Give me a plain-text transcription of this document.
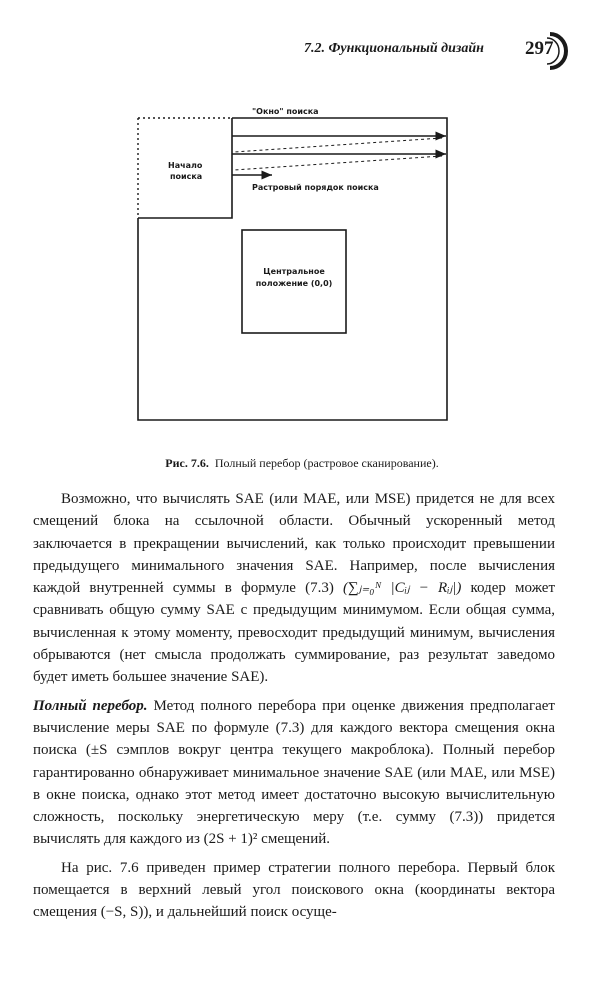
7.2. Функциональный дизайн 297
"Окно" поиска
Начало
поиска
Растровый порядок поиска
Центральное
положение (0,0)
Рис. 7.6. Полный перебор (растровое сканирование).

Возможно, что вычислять SAE (или MAE, или MSE) придется не для всех смещений блока на ссылочной области. Обычный ускоренный метод заключается в прекращении вычислений, как только происходит превышении предыдущего минимального значения SAE. Например, после вычисления каждой внутренней суммы в формуле (7.3) (∑ⱼ₌₀ᴺ |Cᵢⱼ − Rᵢⱼ|) кодер может сравнивать общую сумму SAE с предыдущим минимумом. Если общая сумма, вычисленная к этому моменту, превосходит предыдущий минимум, вычисления обрываются (нет смысла продолжать суммирование, раз результат заведомо будет иметь большее значение SAE).

Полный перебор. Метод полного перебора при оценке движения предполагает вычисление меры SAE по формуле (7.3) для каждого вектора смещения окна поиска (±S сэмплов вокруг центра текущего макроблока). Полный перебор гарантированно обнаруживает минимальное значение SAE (или MAE, или MSE) в окне поиска, однако этот метод имеет достаточно высокую вычислительную сложность, поскольку энергетическую меру (т.е. сумму (7.3)) придется вычислять для каждого из (2S + 1)² смещений.

На рис. 7.6 приведен пример стратегии полного перебора. Первый блок помещается в верхний левый угол поискового окна (координаты вектора смещения (−S, S)), и дальнейший поиск осуще-
